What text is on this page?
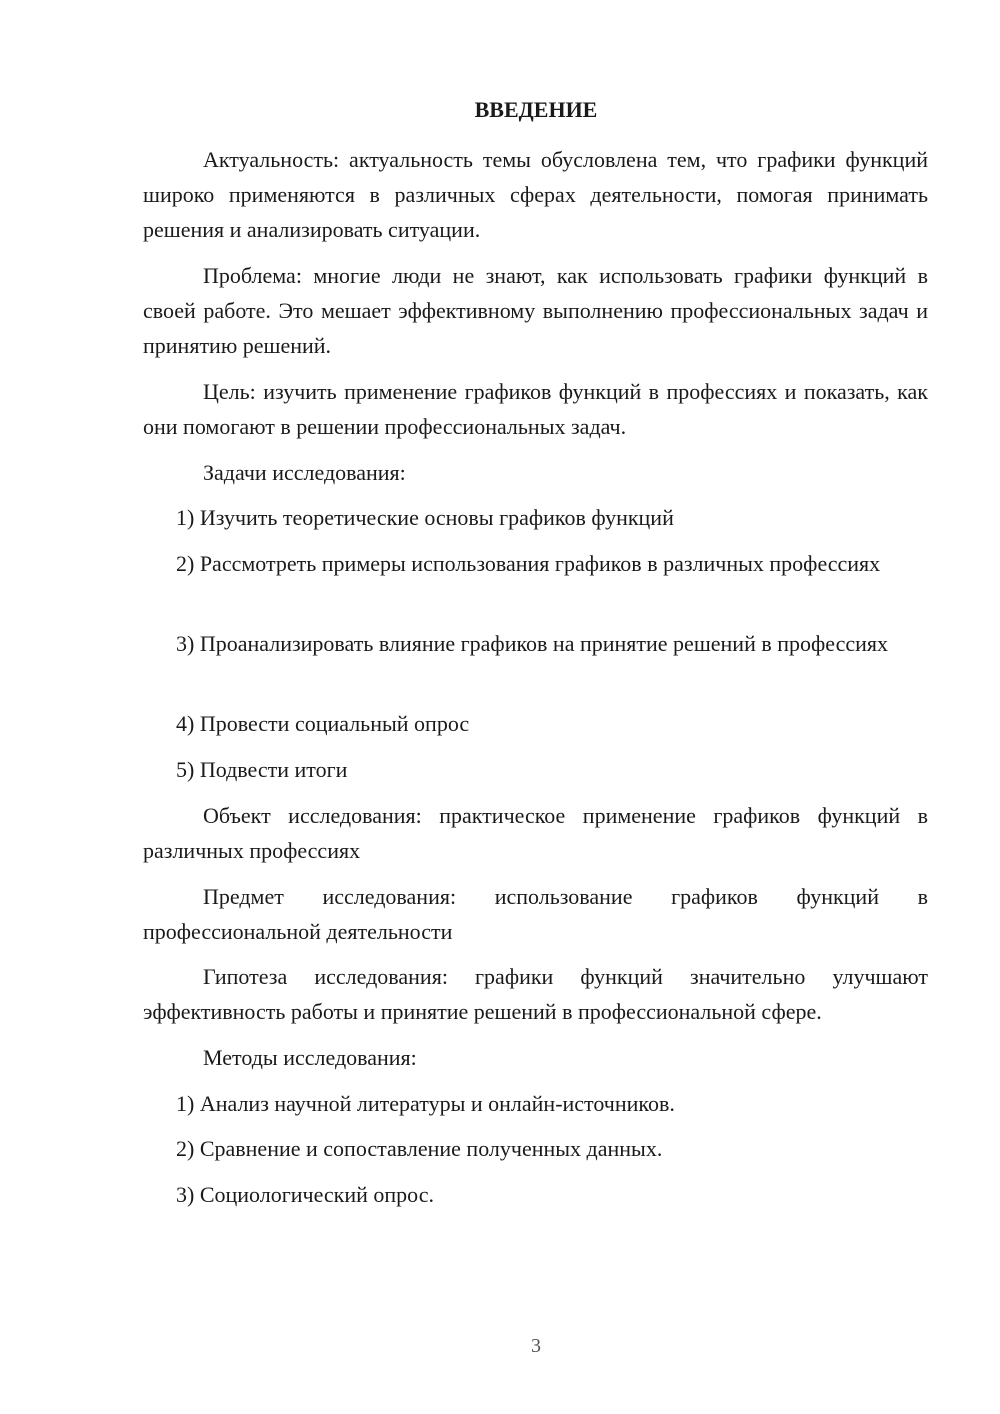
ВВЕДЕНИЕ
Актуальность: актуальность темы обусловлена тем, что графики функций широко применяются в различных сферах деятельности, помогая принимать решения и анализировать ситуации.
Проблема: многие люди не знают, как использовать графики функций в своей работе. Это мешает эффективному выполнению профессиональных задач и принятию решений.
Цель: изучить применение графиков функций в профессиях и показать, как они помогают в решении профессиональных задач.
Задачи исследования:
1) Изучить теоретические основы графиков функций
2) Рассмотреть примеры использования графиков в различных профессиях
3) Проанализировать влияние графиков на принятие решений в профессиях
4) Провести социальный опрос
5) Подвести итоги
Объект исследования: практическое применение графиков функций в различных профессиях
Предмет исследования: использование графиков функций в профессиональной деятельности
Гипотеза исследования: графики функций значительно улучшают эффективность работы и принятие решений в профессиональной сфере.
Методы исследования:
1) Анализ научной литературы и онлайн-источников.
2) Сравнение и сопоставление полученных данных.
3) Социологический опрос.
3
